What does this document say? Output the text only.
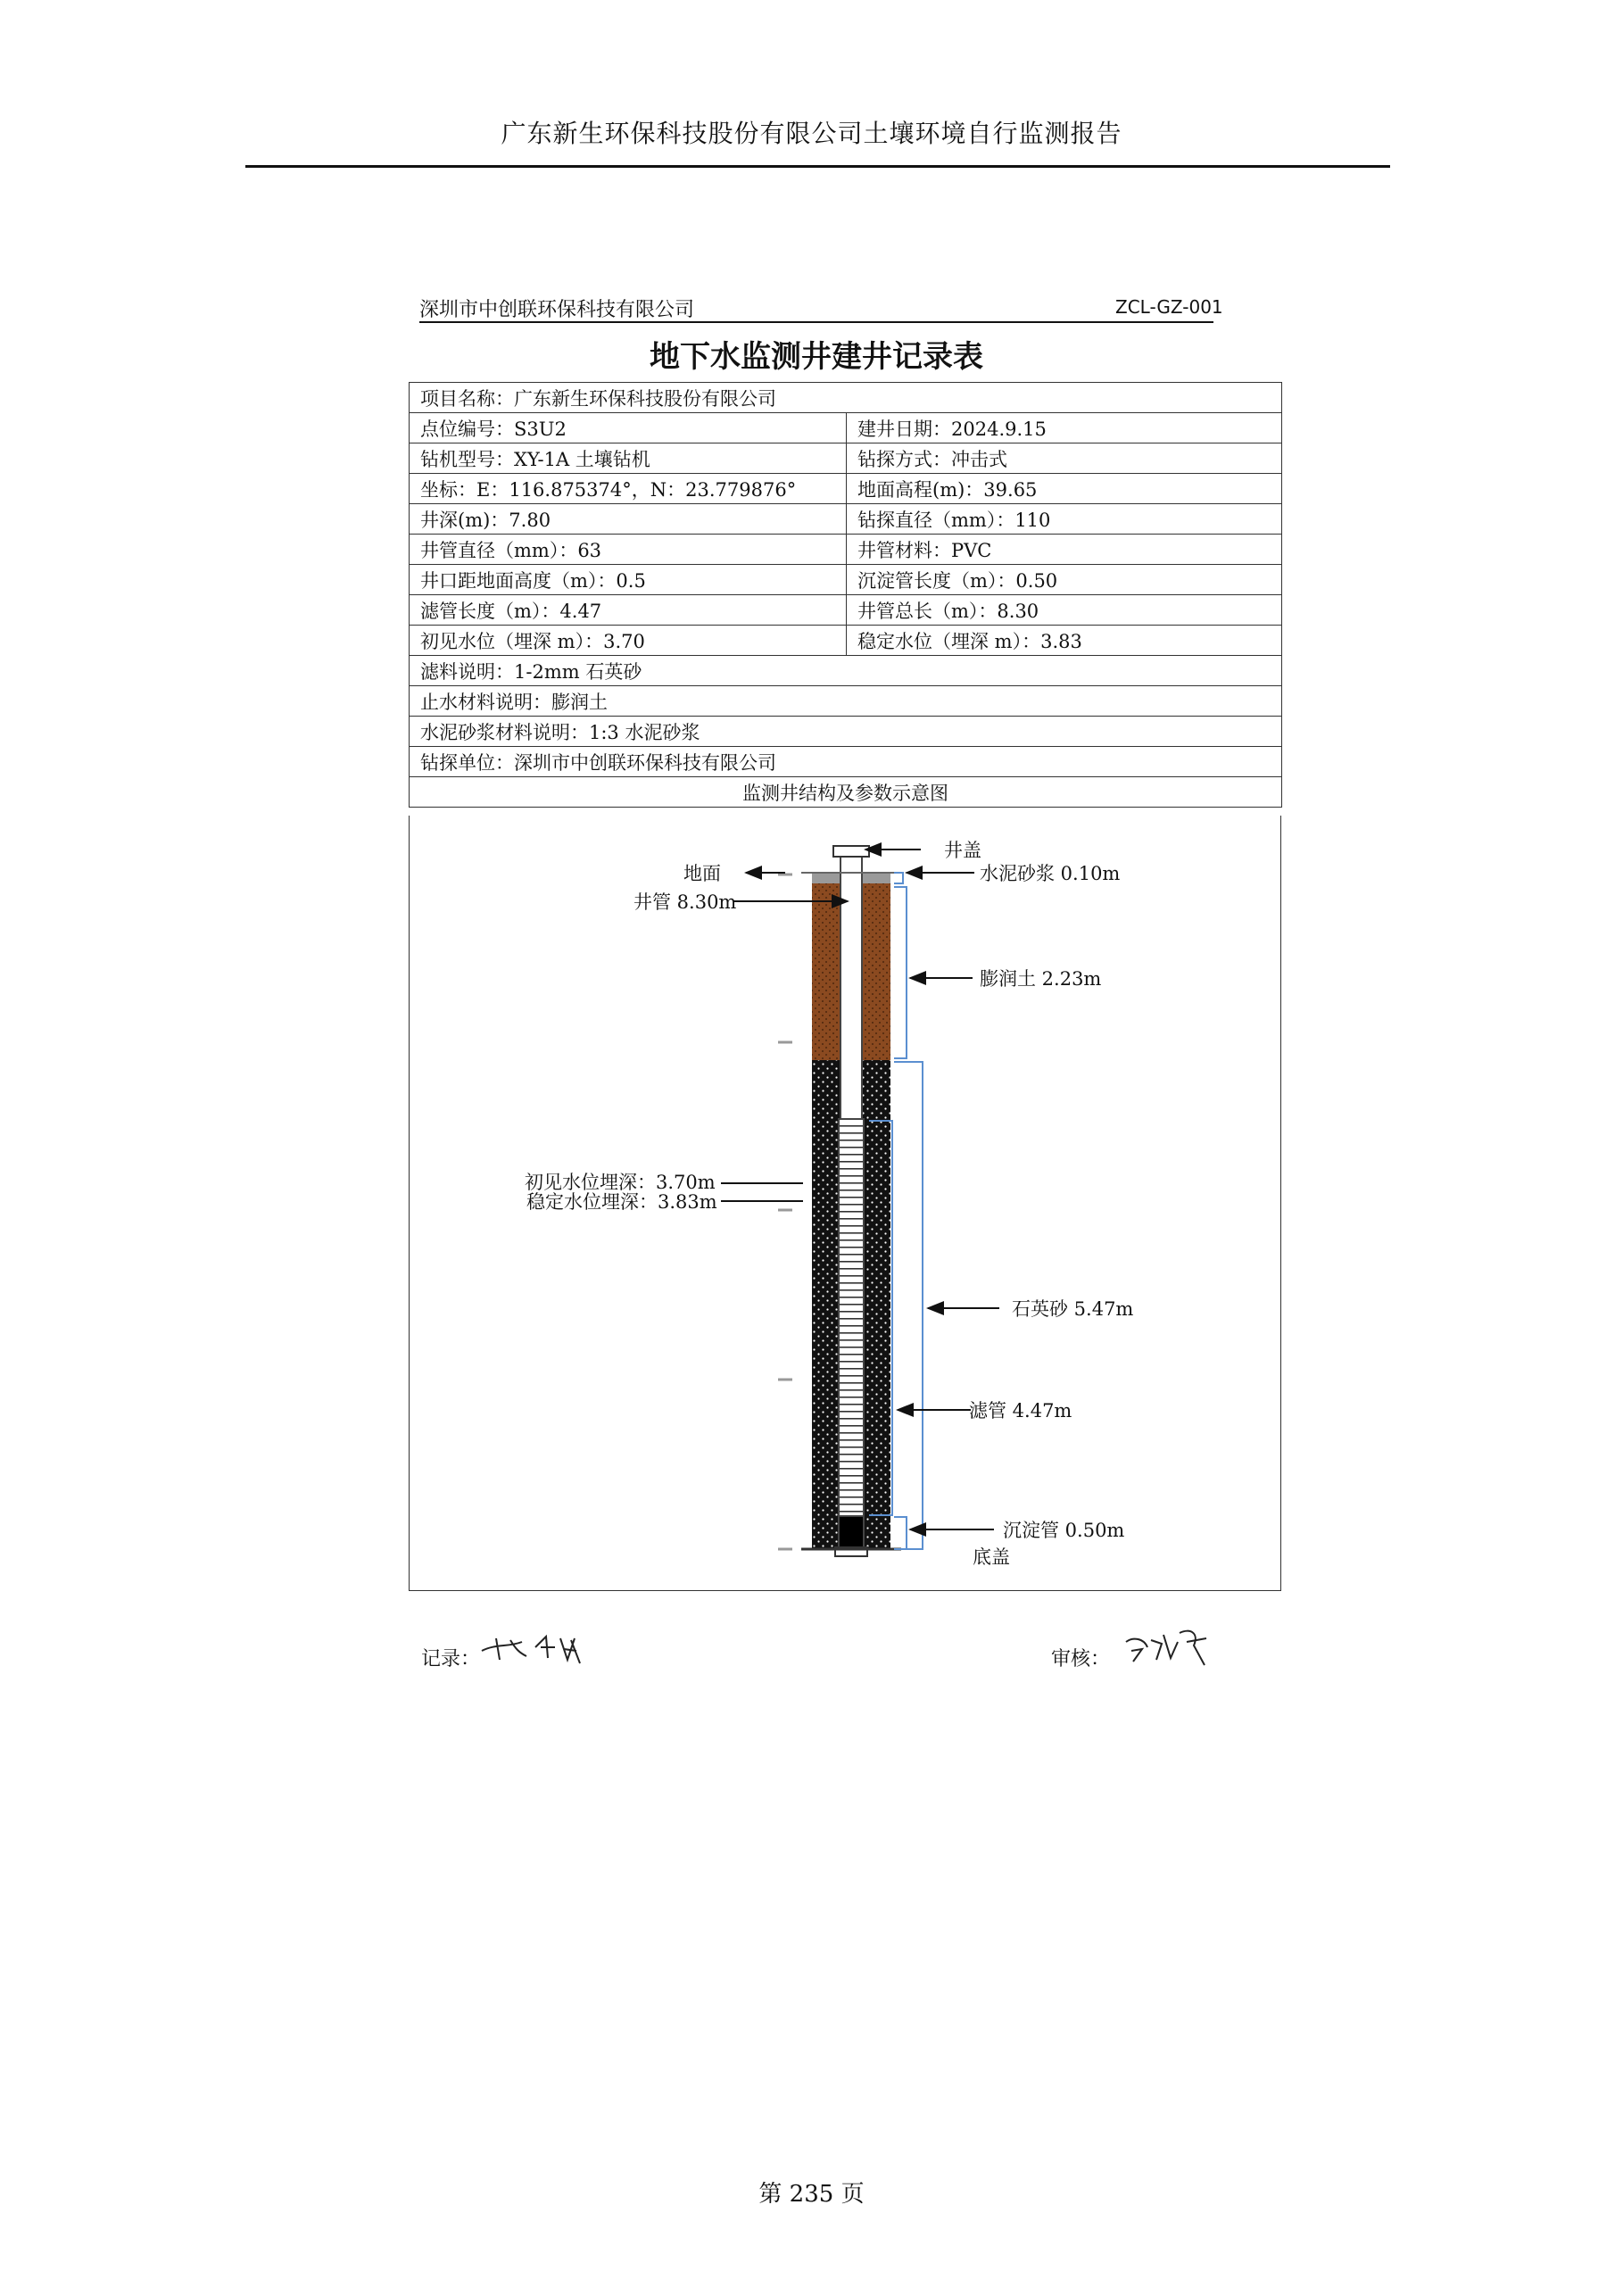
广东新生环保科技股份有限公司土壤环境自行监测报告
深圳市中创联环保科技有限公司	ZCL-GZ-001
地下水监测井建井记录表
项目名称：广东新生环保科技股份有限公司	
点位编号：S3U2	建井日期：2024.9.15
钻机型号：XY-1A 土壤钻机	钻探方式：冲击式
坐标：E：116.875374°，N：23.779876°	地面高程(m)：39.65
井深(m)：7.80	钻探直径（mm）：110
井管直径（mm）：63	井管材料：PVC
井口距地面高度（m）：0.5	沉淀管长度（m）：0.50
滤管长度（m）：4.47	井管总长（m）：8.30
初见水位（埋深 m）：3.70	稳定水位（埋深 m）：3.83
滤料说明：1-2mm 石英砂	
止水材料说明：膨润土	
水泥砂浆材料说明：1:3 水泥砂浆	
钻探单位：深圳市中创联环保科技有限公司	
监测井结构及参数示意图	
井盖
地面	水泥砂浆 0.10m
井管 8.30m
膨润土 2.23m
初见水位埋深：3.70m
稳定水位埋深：3.83m
石英砂 5.47m
滤管 4.47m
沉淀管 0.50m
底盖
记录：	审核：
第 235 页
